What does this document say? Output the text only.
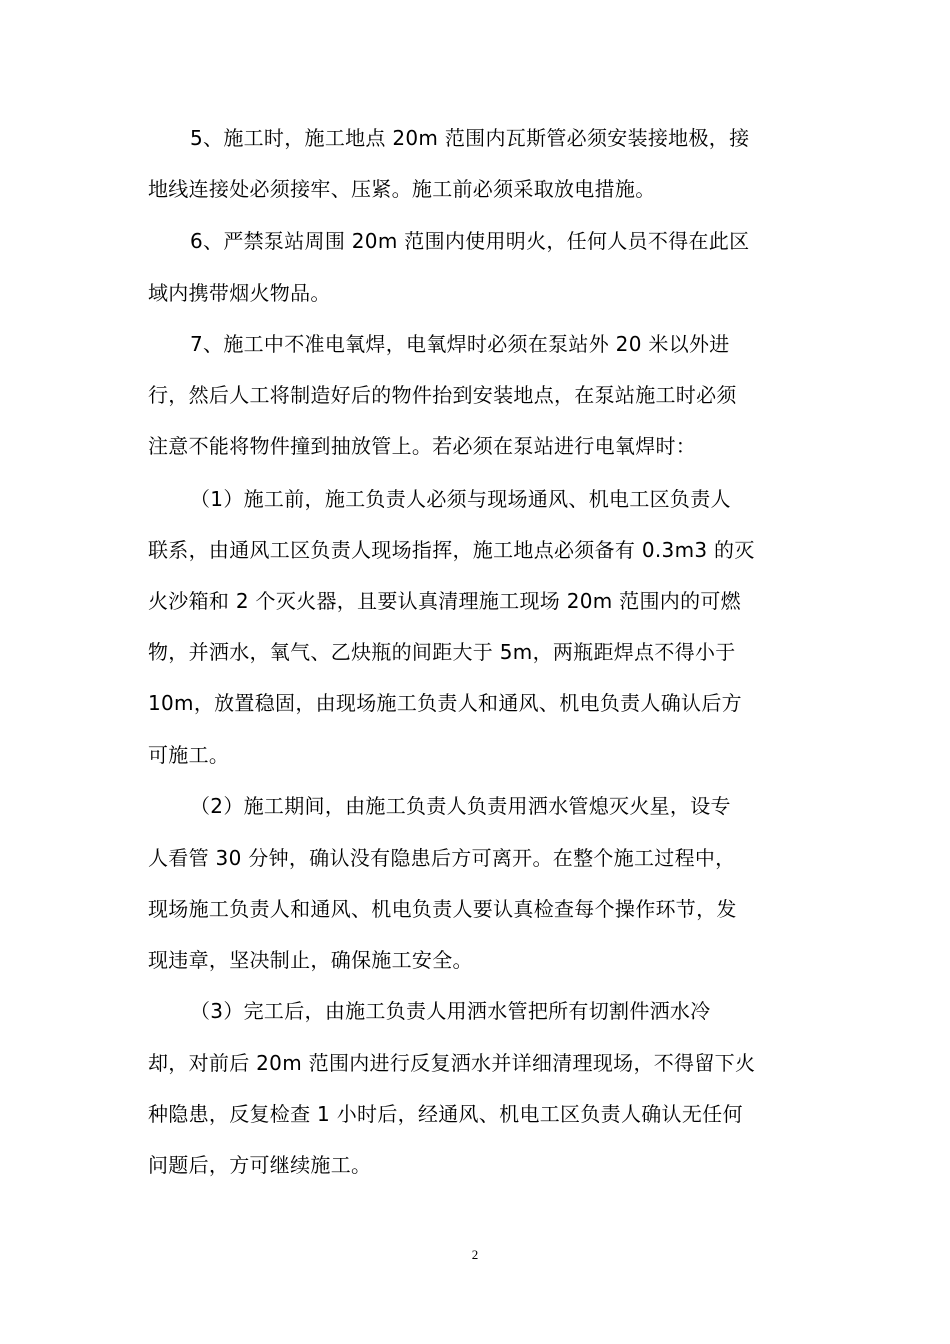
5、施工时，施工地点 20m 范围内瓦斯管必须安装接地极，接
地线连接处必须接牢、压紧。施工前必须采取放电措施。
6、严禁泵站周围 20m 范围内使用明火，任何人员不得在此区
域内携带烟火物品。
7、施工中不准电氧焊，电氧焊时必须在泵站外 20 米以外进
行，然后人工将制造好后的物件抬到安装地点，在泵站施工时必须
注意不能将物件撞到抽放管上。若必须在泵站进行电氧焊时：
（1）施工前，施工负责人必须与现场通风、机电工区负责人
联系，由通风工区负责人现场指挥，施工地点必须备有 0.3m3 的灭
火沙箱和 2 个灭火器，且要认真清理施工现场 20m 范围内的可燃
物，并洒水，氧气、乙炔瓶的间距大于 5m，两瓶距焊点不得小于
10m，放置稳固，由现场施工负责人和通风、机电负责人确认后方
可施工。
（2）施工期间，由施工负责人负责用洒水管熄灭火星，设专
人看管 30 分钟，确认没有隐患后方可离开。在整个施工过程中，
现场施工负责人和通风、机电负责人要认真检查每个操作环节，发
现违章，坚决制止，确保施工安全。
（3）完工后，由施工负责人用洒水管把所有切割件洒水冷
却，对前后 20m 范围内进行反复洒水并详细清理现场，不得留下火
种隐患，反复检查 1 小时后，经通风、机电工区负责人确认无任何
问题后，方可继续施工。
2
